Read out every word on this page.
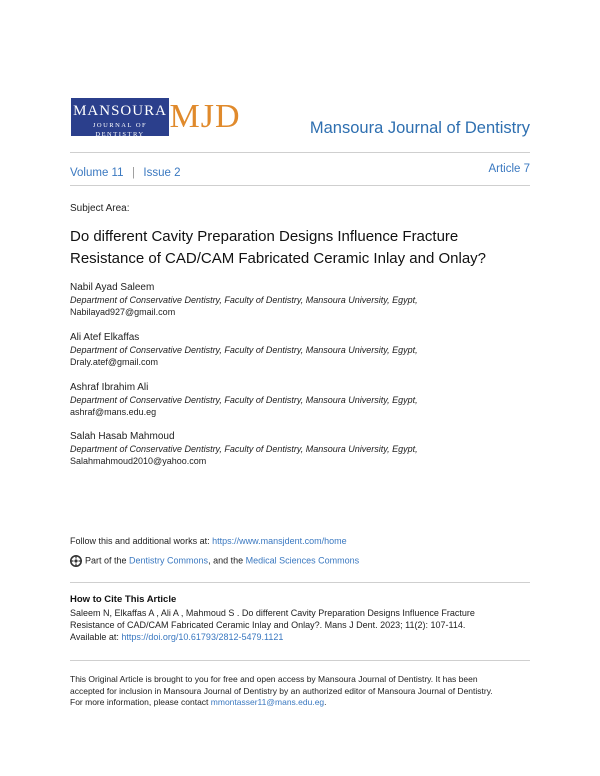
MANSOURA
JOURNAL OF DENTISTRY MJD	Mansoura Journal of Dentistry
Volume 11 | Issue 2	Article 7
Subject Area:
Do different Cavity Preparation Designs Influence Fracture
Resistance of CAD/CAM Fabricated Ceramic Inlay and Onlay?
Nabil Ayad Saleem
Department of Conservative Dentistry, Faculty of Dentistry, Mansoura University, Egypt,
Nabilayad927@gmail.com
Ali Atef Elkaffas
Department of Conservative Dentistry, Faculty of Dentistry, Mansoura University, Egypt,
Draly.atef@gmail.com
Ashraf Ibrahim Ali
Department of Conservative Dentistry, Faculty of Dentistry, Mansoura University, Egypt,
ashraf@mans.edu.eg
Salah Hasab Mahmoud
Department of Conservative Dentistry, Faculty of Dentistry, Mansoura University, Egypt,
Salahmahmoud2010@yahoo.com
Follow this and additional works at: https://www.mansjdent.com/home
Part of the Dentistry Commons, and the Medical Sciences Commons
How to Cite This Article
Saleem N, Elkaffas A , Ali A , Mahmoud S . Do different Cavity Preparation Designs Influence Fracture
Resistance of CAD/CAM Fabricated Ceramic Inlay and Onlay?. Mans J Dent. 2023; 11(2): 107-114.
Available at: https://doi.org/10.61793/2812-5479.1121
This Original Article is brought to you for free and open access by Mansoura Journal of Dentistry. It has been
accepted for inclusion in Mansoura Journal of Dentistry by an authorized editor of Mansoura Journal of Dentistry.
For more information, please contact mmontasser11@mans.edu.eg.
